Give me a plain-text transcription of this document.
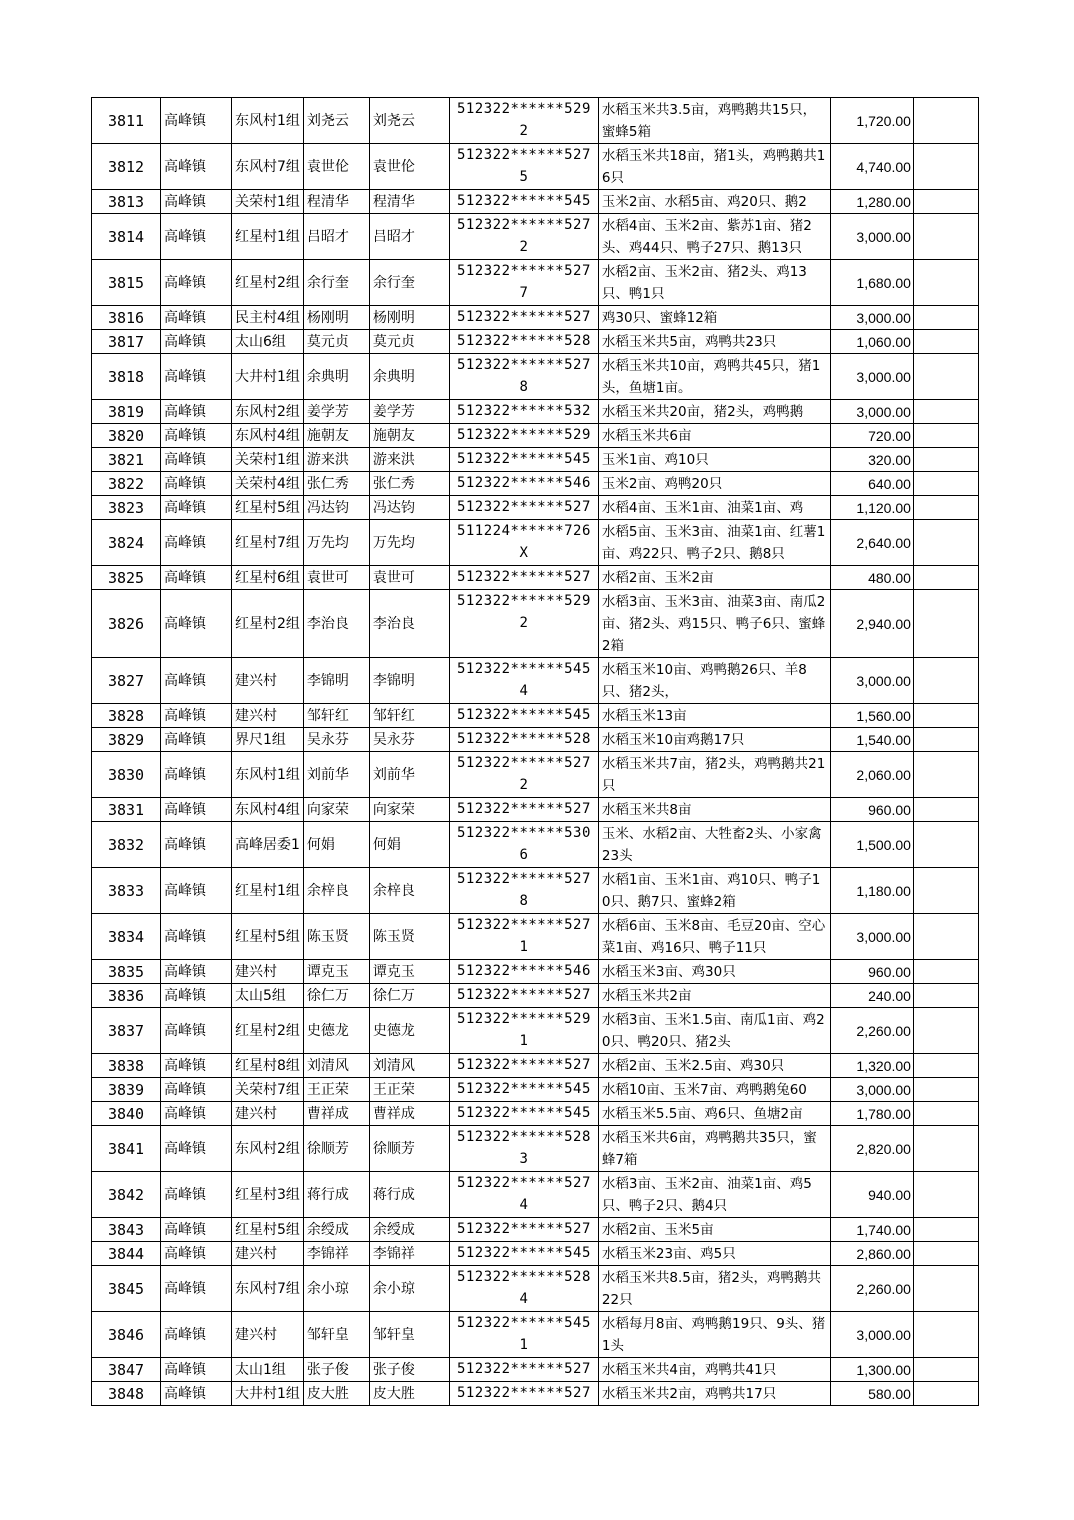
3811	高峰镇	东风村1组	刘尧云	刘尧云	512322******5292	水稻玉米共3.5亩，鸡鸭鹅共15只，蜜蜂5箱	1,720.00	
3812	高峰镇	东风村7组	袁世伦	袁世伦	512322******5275	水稻玉米共18亩，猪1头，鸡鸭鹅共16只	4,740.00	
3813	高峰镇	关荣村1组	程清华	程清华	512322******545	玉米2亩、水稻5亩、鸡20只、鹅2	1,280.00	
3814	高峰镇	红星村1组	吕昭才	吕昭才	512322******5272	水稻4亩、玉米2亩、紫苏1亩、猪2头、鸡44只、鸭子27只、鹅13只	3,000.00	
3815	高峰镇	红星村2组	余行奎	余行奎	512322******5277	水稻2亩、玉米2亩、猪2头、鸡13只、鸭1只	1,680.00	
3816	高峰镇	民主村4组	杨刚明	杨刚明	512322******527	鸡30只、蜜蜂12箱	3,000.00	
3817	高峰镇	太山6组	莫元贞	莫元贞	512322******528	水稻玉米共5亩，鸡鸭共23只	1,060.00	
3818	高峰镇	大井村1组	余典明	余典明	512322******5278	水稻玉米共10亩，鸡鸭共45只，猪1头，鱼塘1亩。	3,000.00	
3819	高峰镇	东风村2组	姜学芳	姜学芳	512322******532	水稻玉米共20亩，猪2头，鸡鸭鹅	3,000.00	
3820	高峰镇	东风村4组	施朝友	施朝友	512322******529	水稻玉米共6亩	720.00	
3821	高峰镇	关荣村1组	游来洪	游来洪	512322******545	玉米1亩、鸡10只	320.00	
3822	高峰镇	关荣村4组	张仁秀	张仁秀	512322******546	玉米2亩、鸡鸭20只	640.00	
3823	高峰镇	红星村5组	冯达钧	冯达钧	512322******527	水稻4亩、玉米1亩、油菜1亩、鸡	1,120.00	
3824	高峰镇	红星村7组	万先均	万先均	511224******726X	水稻5亩、玉米3亩、油菜1亩、红薯1亩、鸡22只、鸭子2只、鹅8只	2,640.00	
3825	高峰镇	红星村6组	袁世可	袁世可	512322******527	水稻2亩、玉米2亩	480.00	
3826	高峰镇	红星村2组	李治良	李治良	512322******5292	水稻3亩、玉米3亩、油菜3亩、南瓜2亩、猪2头、鸡15只、鸭子6只、蜜蜂2箱	2,940.00	
3827	高峰镇	建兴村	李锦明	李锦明	512322******5454	水稻玉米10亩、鸡鸭鹅26只、羊8只、猪2头，	3,000.00	
3828	高峰镇	建兴村	邹轩红	邹轩红	512322******545	水稻玉米13亩	1,560.00	
3829	高峰镇	界尺1组	吴永芬	吴永芬	512322******528	水稻玉米10亩鸡鹅17只	1,540.00	
3830	高峰镇	东风村1组	刘前华	刘前华	512322******5272	水稻玉米共7亩，猪2头，鸡鸭鹅共21只	2,060.00	
3831	高峰镇	东风村4组	向家荣	向家荣	512322******527	水稻玉米共8亩	960.00	
3832	高峰镇	高峰居委1	何娟	何娟	512322******5306	玉米、水稻2亩、大牲畜2头、小家禽23头	1,500.00	
3833	高峰镇	红星村1组	余梓良	余梓良	512322******5278	水稻1亩、玉米1亩、鸡10只、鸭子10只、鹅7只、蜜蜂2箱	1,180.00	
3834	高峰镇	红星村5组	陈玉贤	陈玉贤	512322******5271	水稻6亩、玉米8亩、毛豆20亩、空心菜1亩、鸡16只、鸭子11只	3,000.00	
3835	高峰镇	建兴村	谭克玉	谭克玉	512322******546	水稻玉米3亩、鸡30只	960.00	
3836	高峰镇	太山5组	徐仁万	徐仁万	512322******527	水稻玉米共2亩	240.00	
3837	高峰镇	红星村2组	史德龙	史德龙	512322******5291	水稻3亩、玉米1.5亩、南瓜1亩、鸡20只、鸭20只、猪2头	2,260.00	
3838	高峰镇	红星村8组	刘清风	刘清风	512322******527	水稻2亩、玉米2.5亩、鸡30只	1,320.00	
3839	高峰镇	关荣村7组	王正荣	王正荣	512322******545	水稻10亩、玉米7亩、鸡鸭鹅兔60	3,000.00	
3840	高峰镇	建兴村	曹祥成	曹祥成	512322******545	水稻玉米5.5亩、鸡6只、鱼塘2亩	1,780.00	
3841	高峰镇	东风村2组	徐顺芳	徐顺芳	512322******5283	水稻玉米共6亩，鸡鸭鹅共35只，蜜蜂7箱	2,820.00	
3842	高峰镇	红星村3组	蒋行成	蒋行成	512322******5274	水稻3亩、玉米2亩、油菜1亩、鸡5只、鸭子2只、鹅4只	940.00	
3843	高峰镇	红星村5组	余绶成	余绶成	512322******527	水稻2亩、玉米5亩	1,740.00	
3844	高峰镇	建兴村	李锦祥	李锦祥	512322******545	水稻玉米23亩、鸡5只	2,860.00	
3845	高峰镇	东风村7组	余小琼	余小琼	512322******5284	水稻玉米共8.5亩，猪2头，鸡鸭鹅共22只	2,260.00	
3846	高峰镇	建兴村	邹轩皇	邹轩皇	512322******5451	水稻每月8亩、鸡鸭鹅19只、9头、猪1头	3,000.00	
3847	高峰镇	太山1组	张子俊	张子俊	512322******527	水稻玉米共4亩，鸡鸭共41只	1,300.00	
3848	高峰镇	大井村1组	皮大胜	皮大胜	512322******527	水稻玉米共2亩，鸡鸭共17只	580.00	
